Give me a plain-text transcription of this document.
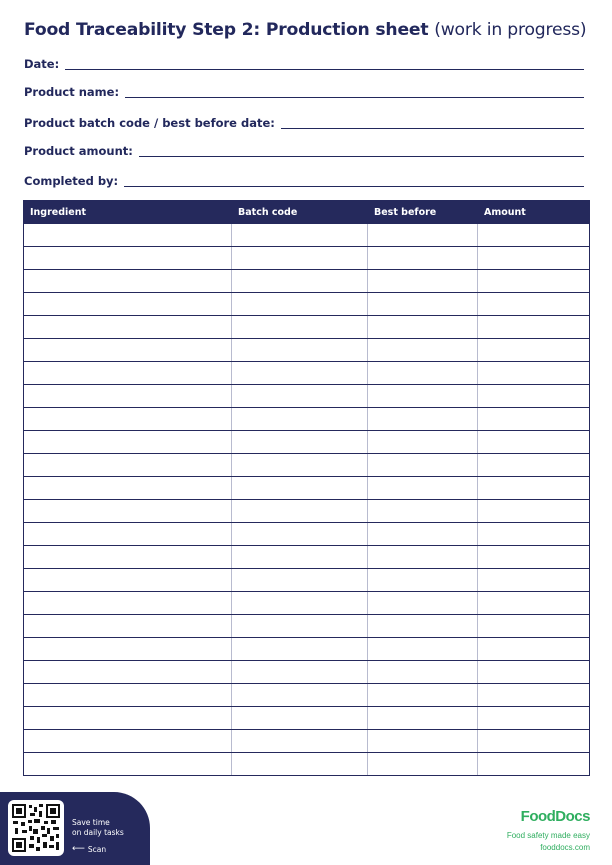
Food Traceability Step 2: Production sheet (work in progress)
Date:
Product name:
Product batch code / best before date:
Product amount:
Completed by:
Ingredient	Batch code	Best before	Amount

Save time
on daily tasks
⟵ Scan
FoodDocs
Food safety made easy
fooddocs.com
